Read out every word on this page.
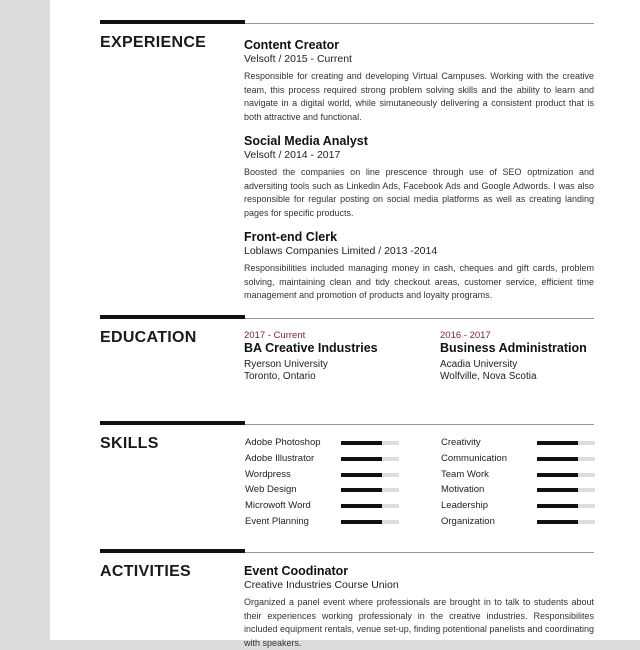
EXPERIENCE	Content Creator
Velsoft / 2015 - Current
Responsible for creating and developing Virtual Campuses. Working with the creative team, this process required strong problem solving skills and the ability to learn and navigate in a digital world, while simutaneously delivering a consistent product that is both attractive and functional.
Social Media Analyst
Velsoft / 2014 - 2017
Boosted the companies on line prescence through use of SEO optmization and adversiting tools such as Linkedin Ads, Facebook Ads and Google Adwords. I was also responsible for regular posting on social media platforms as well as creating landing pages for specific products.
Front-end Clerk
Loblaws Companies Limited / 2013 -2014
Responsibilities included managing money in cash, cheques and gift cards, problem solving, maintaining clean and tidy checkout areas, customer service, efficient time management and promotion of products and loyalty programs.
EDUCATION	2017 - Current
BA Creative Industries
Ryerson University
Toronto, Ontario
2016 - 2017
Business Administration
Acadia University
Wolfville, Nova Scotia
SKILLS	Adobe Photoshop
Adobe Illustrator
Wordpress
Web Design
Microwoft Word
Event Planning
Creativity
Communication
Team Work
Motivation
Leadership
Organization
ACTIVITIES	Event Coodinator
Creative Industries Course Union
Organized a panel event where professionals are brought in to talk to students about their experiences working professionaly in the creative industries. Responsibilites included equipment rentals, venue set-up, finding potentional panelists and coordinating with speakers.
